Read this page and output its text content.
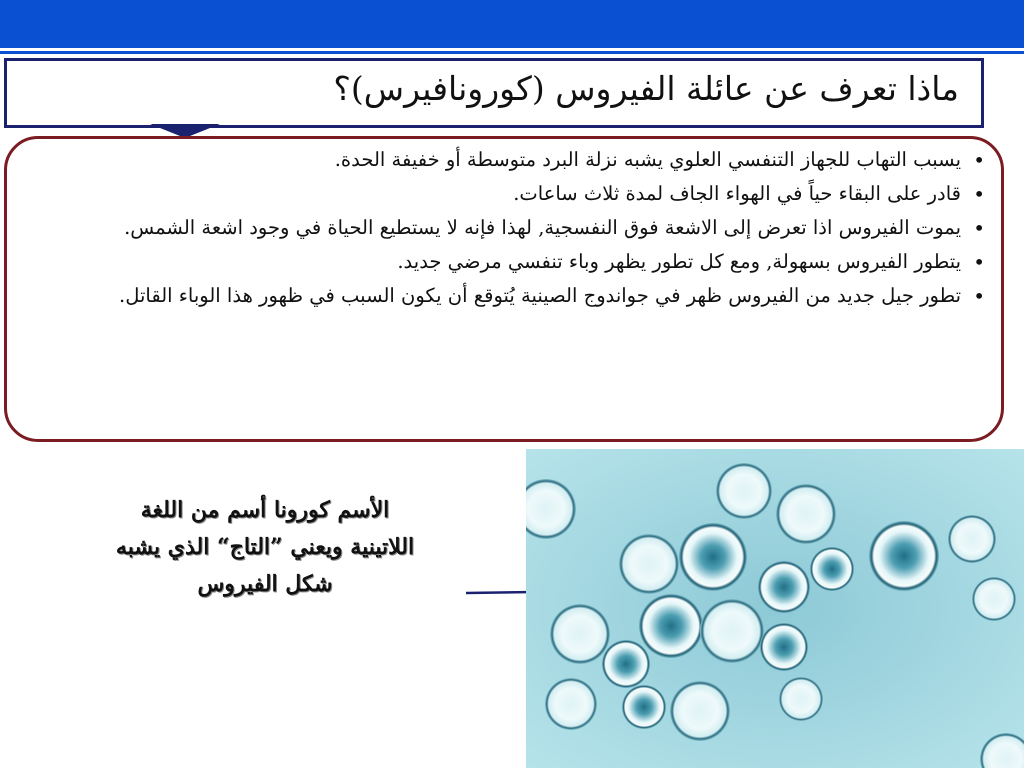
ماذا تعرف عن عائلة الفيروس (كورونافيرس)؟
• يسبب التهاب للجهاز التنفسي العلوي يشبه نزلة البرد متوسطة أو خفيفة الحدة.
• قادر على البقاء حياً في الهواء الجاف لمدة ثلاث ساعات.
• يموت الفيروس اذا تعرض إلى الاشعة فوق النفسجية, لهذا فإنه لا يستطيع الحياة في وجود اشعة الشمس.
• يتطور الفيروس بسهولة, ومع كل تطور يظهر وباء تنفسي مرضي جديد.
• تطور جيل جديد من الفيروس ظهر في جواندوج الصينية يُتوقع أن يكون السبب في ظهور هذا الوباء القاتل.
الأسم كورونا أسم من اللغة
اللاتينية ويعني ”التاج“ الذي يشبه
شكل الفيروس
